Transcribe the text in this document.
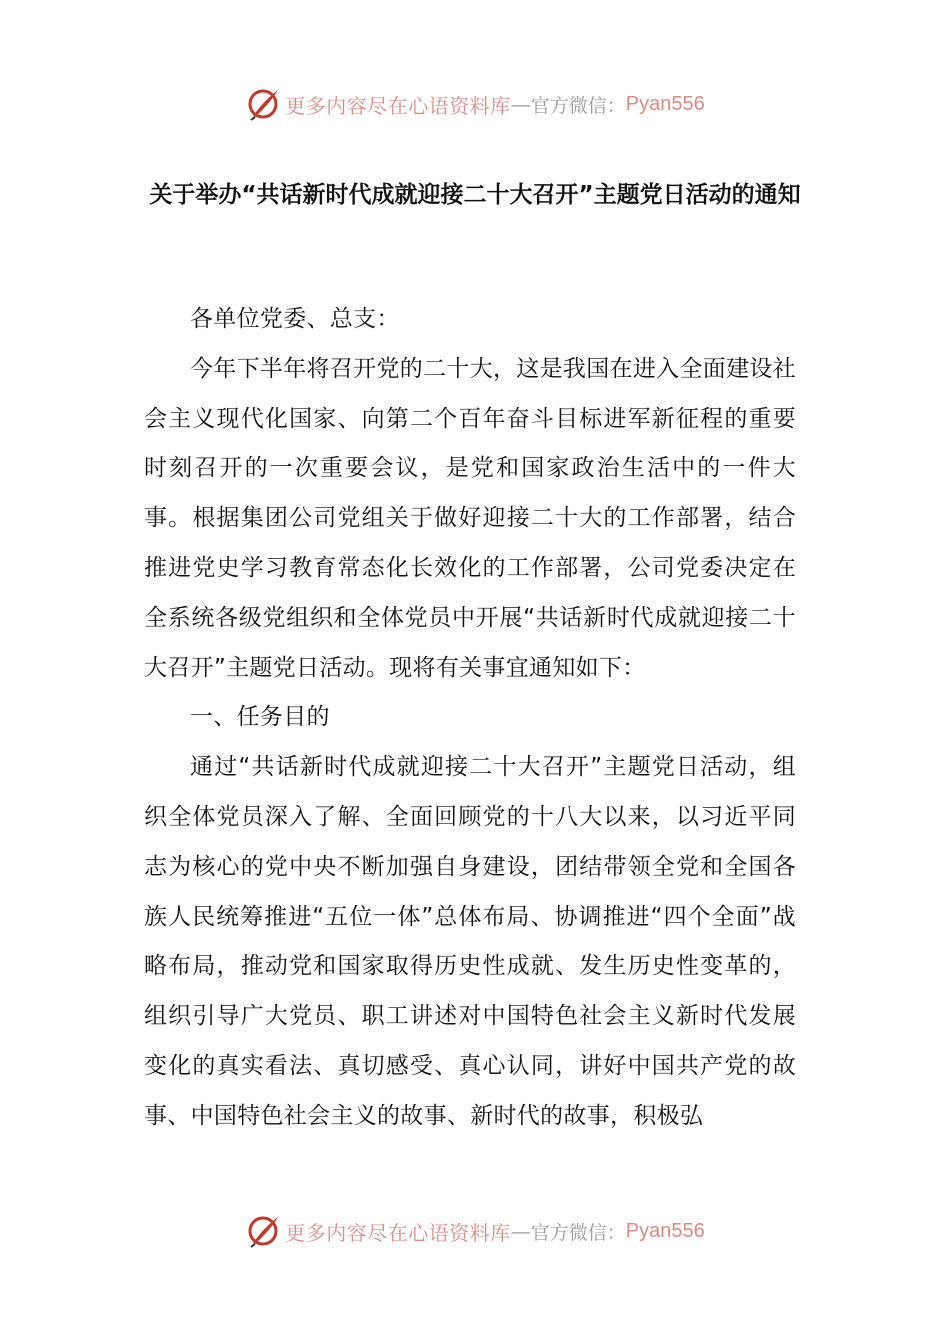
更多内容尽在心语资料库 — 官方微信： Pyan556
关于举办“共话新时代成就迎接二十大召开”主题党日活动的通知

各单位党委、总支：

今年下半年将召开党的二十大，这是我国在进入全面建设社会主义现代化国家、向第二个百年奋斗目标进军新征程的重要时刻召开的一次重要会议，是党和国家政治生活中的一件大事。根据集团公司党组关于做好迎接二十大的工作部署，结合推进党史学习教育常态化长效化的工作部署，公司党委决定在全系统各级党组织和全体党员中开展“共话新时代成就迎接二十大召开”主题党日活动。现将有关事宜通知如下：

一、任务目的

通过“共话新时代成就迎接二十大召开”主题党日活动，组织全体党员深入了解、全面回顾党的十八大以来，以习近平同志为核心的党中央不断加强自身建设，团结带领全党和全国各族人民统筹推进“五位一体”总体布局、协调推进“四个全面”战略布局，推动党和国家取得历史性成就、发生历史性变革的，组织引导广大党员、职工讲述对中国特色社会主义新时代发展变化的真实看法、真切感受、真心认同，讲好中国共产党的故事、中国特色社会主义的故事、新时代的故事，积极弘

更多内容尽在心语资料库 — 官方微信： Pyan556
